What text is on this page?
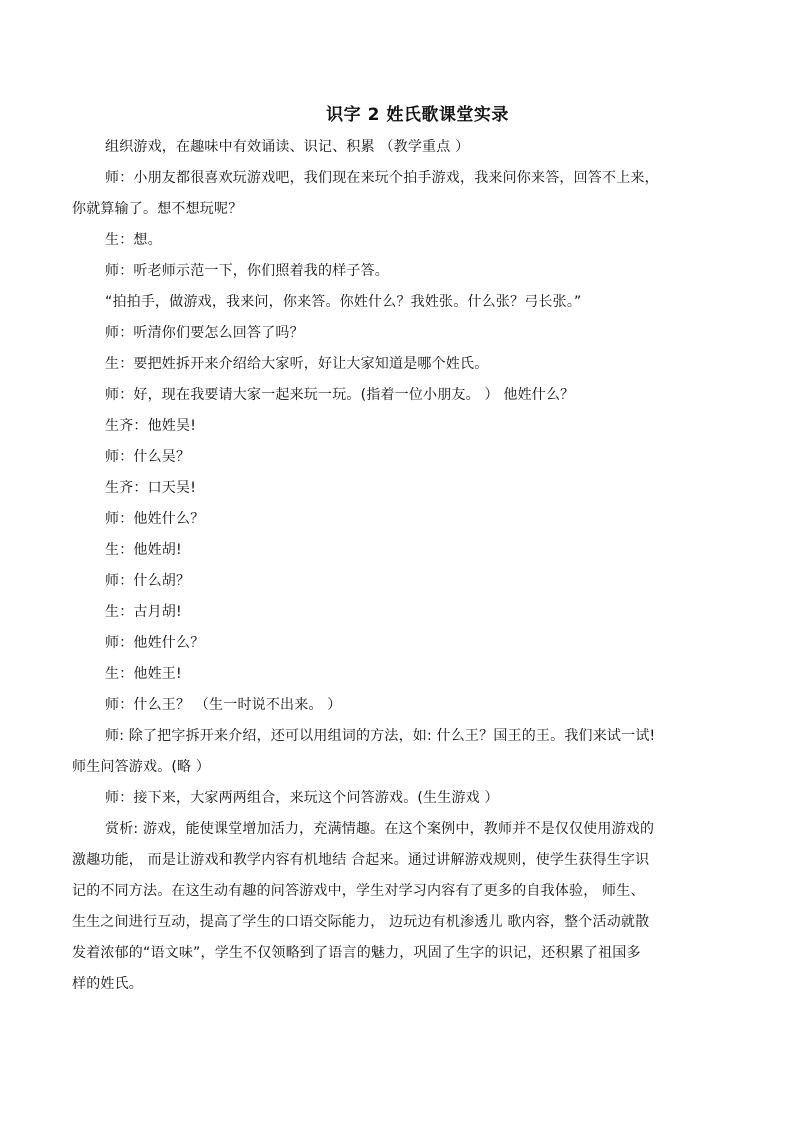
识字 2 姓氏歌课堂实录
组织游戏，在趣味中有效诵读、识记、积累 （教学重点 ）
师：小朋友都很喜欢玩游戏吧，我们现在来玩个拍手游戏，我来问你来答，回答不上来，
你就算输了。想不想玩呢？
生：想。
师：听老师示范一下，你们照着我的样子答。
“拍拍手，做游戏，我来问，你来答。你姓什么？我姓张。什么张？弓长张。”
师：听清你们要怎么回答了吗？
生：要把姓拆开来介绍给大家听，好让大家知道是哪个姓氏。
师：好，现在我要请大家一起来玩一玩。(指着一位小朋友。 ） 他姓什么？
生齐：他姓吴!
师：什么吴？
生齐：口天吴!
师：他姓什么？
生：他姓胡!
师：什么胡？
生：古月胡!
师：他姓什么？
生：他姓王!
师：什么王？ （生一时说不出来。 ）
师: 除了把字拆开来介绍，还可以用组词的方法，如: 什么王？国王的王。我们来试一试!
师生问答游戏。(略 ）
师：接下来，大家两两组合，来玩这个问答游戏。(生生游戏 ）
赏析: 游戏，能使课堂增加活力，充满情趣。在这个案例中，教师并不是仅仅使用游戏的
激趣功能， 而是让游戏和教学内容有机地结 合起来。通过讲解游戏规则，使学生获得生字识
记的不同方法。在这生动有趣的问答游戏中，学生对学习内容有了更多的自我体验， 师生、
生生之间进行互动，提高了学生的口语交际能力， 边玩边有机渗透儿 歌内容，整个活动就散
发着浓郁的“语文味”，学生不仅领略到了语言的魅力，巩固了生字的识记，还积累了祖国多
样的姓氏。
